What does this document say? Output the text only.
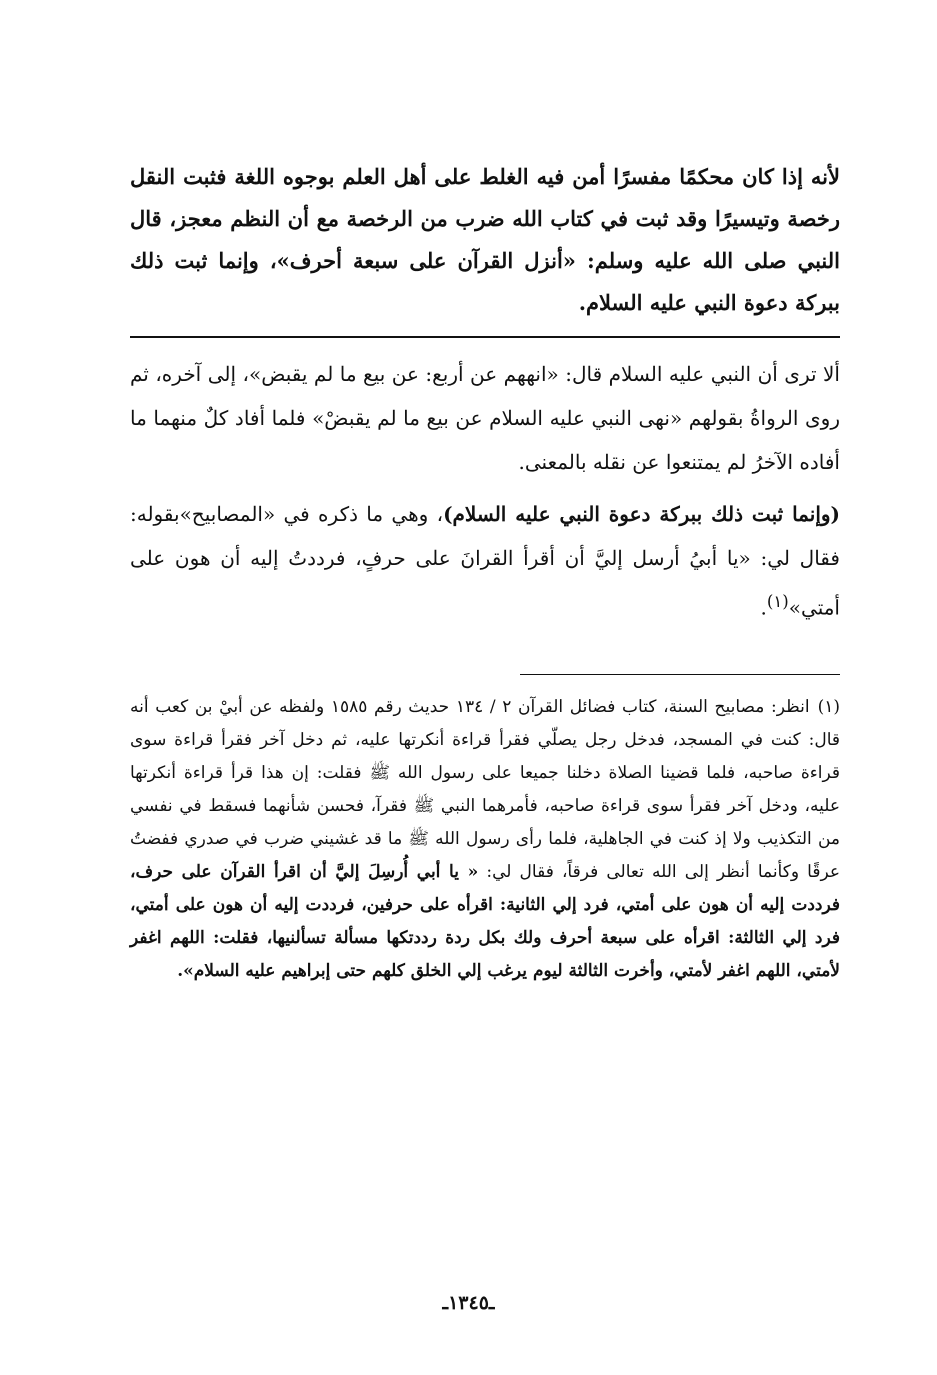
لأنه إذا كان محكمًا مفسرًا أمن فيه الغلط على أهل العلم بوجوه اللغة فثبت النقل رخصة وتيسيرًا وقد ثبت في كتاب الله ضرب من الرخصة مع أن النظم معجز، قال النبي صلى الله عليه وسلم: «أنزل القرآن على سبعة أحرف»، وإنما ثبت ذلك ببركة دعوة النبي عليه السلام.

ألا ترى أن النبي عليه السلام قال: «انههم عن أربع: عن بيع ما لم يقبض»، إلى آخره، ثم روى الرواةُ بقولهم «نهى النبي عليه السلام عن بيع ما لم يقبضْ» فلما أفاد كلٌ منهما ما أفاده الآخرُ لم يمتنعوا عن نقله بالمعنى.

(وإنما ثبت ذلك ببركة دعوة النبي عليه السلام)، وهي ما ذكره في «المصابيح»بقوله: فقال لي: «يا أبيُ أرسل إليَّ أن أقرأ القرانَ على حرفٍ، فرددتُ إليه أن هون على أمتي»$^{(١)}$.

(١)انظر: مصابيح السنة، كتاب فضائل القرآن ٢ / ١٣٤ حديث رقم ١٥٨٥ ولفظه عن أبيْ بن كعب أنه قال: كنت في المسجد، فدخل رجل يصلّي فقرأ قراءة أنكرتها عليه، ثم دخل آخر فقرأ قراءة سوى قراءة صاحبه، فلما قضينا الصلاة دخلنا جميعا على رسول الله ﷺ فقلت: إن هذا قرأ قراءة أنكرتها عليه، ودخل آخر فقرأ سوى قراءة صاحبه، فأمرهما النبي ﷺ فقرآ، فحسن شأنهما فسقط في نفسي من التكذيب ولا إذ كنت في الجاهلية، فلما رأى رسول الله ﷺ ما قد غشيني ضرب في صدري ففضتُ عرقًا وكأنما أنظر إلى الله تعالى فرقاً، فقال لي: « يا أبي أُرسِلَ إليَّ أن اقرأ القرآن على حرف، فرددت إليه أن هون على أمتي، فرد إلي الثانية: اقرأه على حرفين، فرددت إليه أن هون على أمتي، فرد إلي الثالثة: اقرأه على سبعة أحرف ولك بكل ردة رددتكها مسألة تسألنيها، فقلت: اللهم اغفر لأمتي، اللهم اغفر لأمتي، وأخرت الثالثة ليوم يرغب إلي الخلق كلهم حتى إبراهيم عليه السلام».

ـ١٣٤٥ـ
